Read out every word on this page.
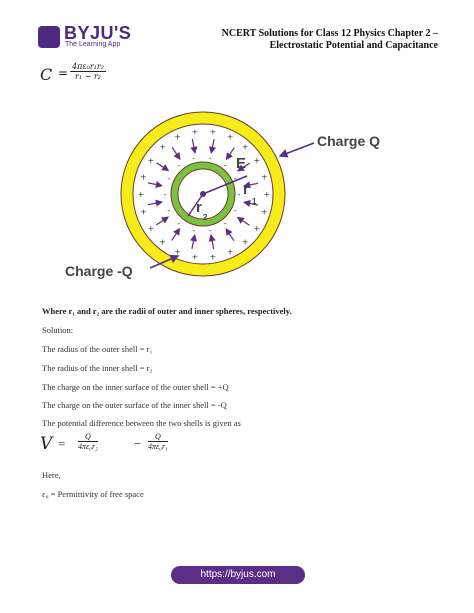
BYJU'S
The Learning App
NCERT Solutions for Class 12 Physics Chapter 2 –
Electrostatic Potential and Capacitance
$C = \frac{\text{4πε₀r₁r₂}}{\text{r₁ − r₂}}$
+
+
+
+
+
+
+
+
+
+
+
+
+
+
+
+
+ +
+
+
+
+
-
-
-
-
-
-
-
-
-
-
- -
-
-
E
r
1
r
2
Charge Q
Charge -Q
Where r₁ and r₂ are the radii of outer and inner spheres, respectively.
Solution:
The radius of the outer shell = r₁
The radius of the inner shell = r₂
The charge on the inner surface of the outer shell = +Q
The charge on the outer surface of the inner shell = -Q
The potential difference between the two shells is given as
$V = \frac{Q}{\text{4πε₀r₂}}$	− $\frac{Q}{\text{4πε₀r₁}}$
Here,
ε₀ = Permittivity of free space
https://byjus.com
